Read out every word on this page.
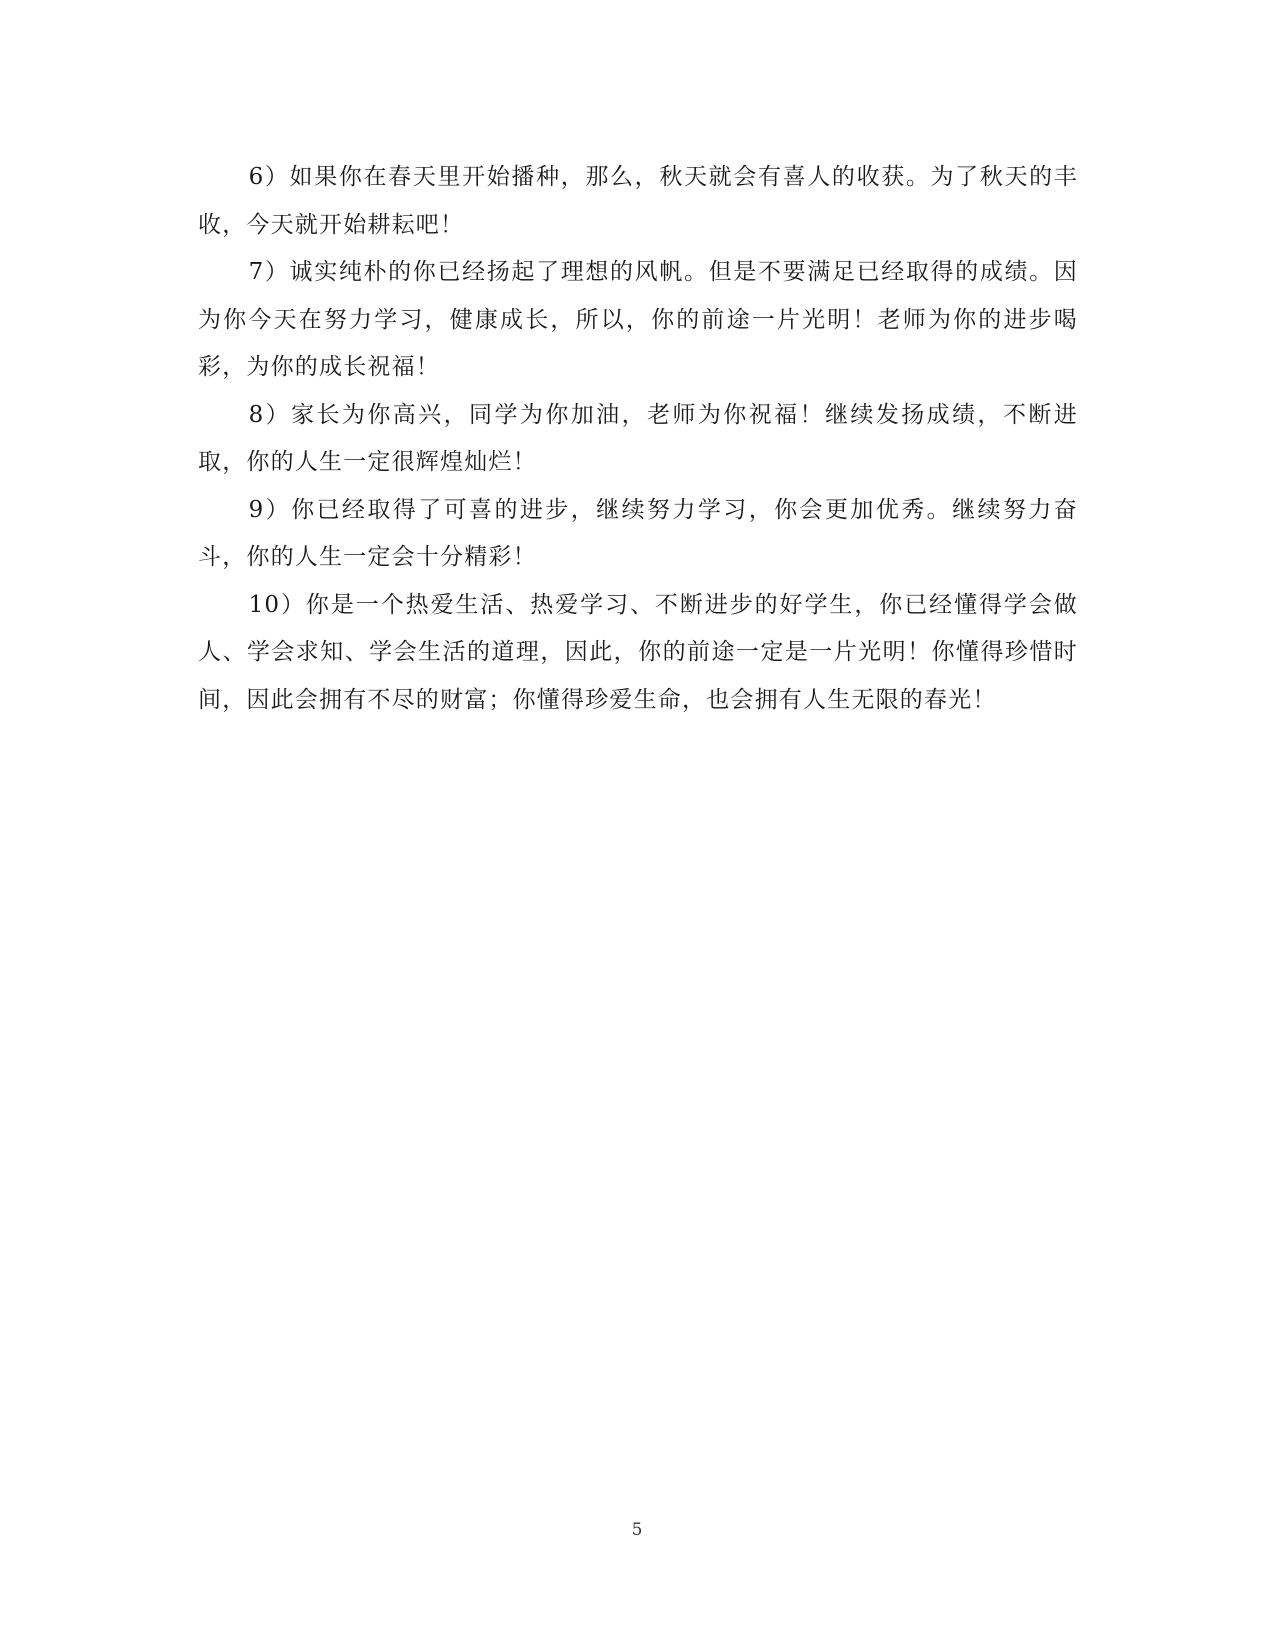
6）如果你在春天里开始播种，那么，秋天就会有喜人的收获。为了秋天的丰收，今天就开始耕耘吧！

7）诚实纯朴的你已经扬起了理想的风帆。但是不要满足已经取得的成绩。因为你今天在努力学习，健康成长，所以，你的前途一片光明！老师为你的进步喝彩，为你的成长祝福！

8）家长为你高兴，同学为你加油，老师为你祝福！继续发扬成绩，不断进取，你的人生一定很辉煌灿烂！

9）你已经取得了可喜的进步，继续努力学习，你会更加优秀。继续努力奋斗，你的人生一定会十分精彩！

10）你是一个热爱生活、热爱学习、不断进步的好学生，你已经懂得学会做人、学会求知、学会生活的道理，因此，你的前途一定是一片光明！你懂得珍惜时间，因此会拥有不尽的财富；你懂得珍爱生命，也会拥有人生无限的春光！

5
